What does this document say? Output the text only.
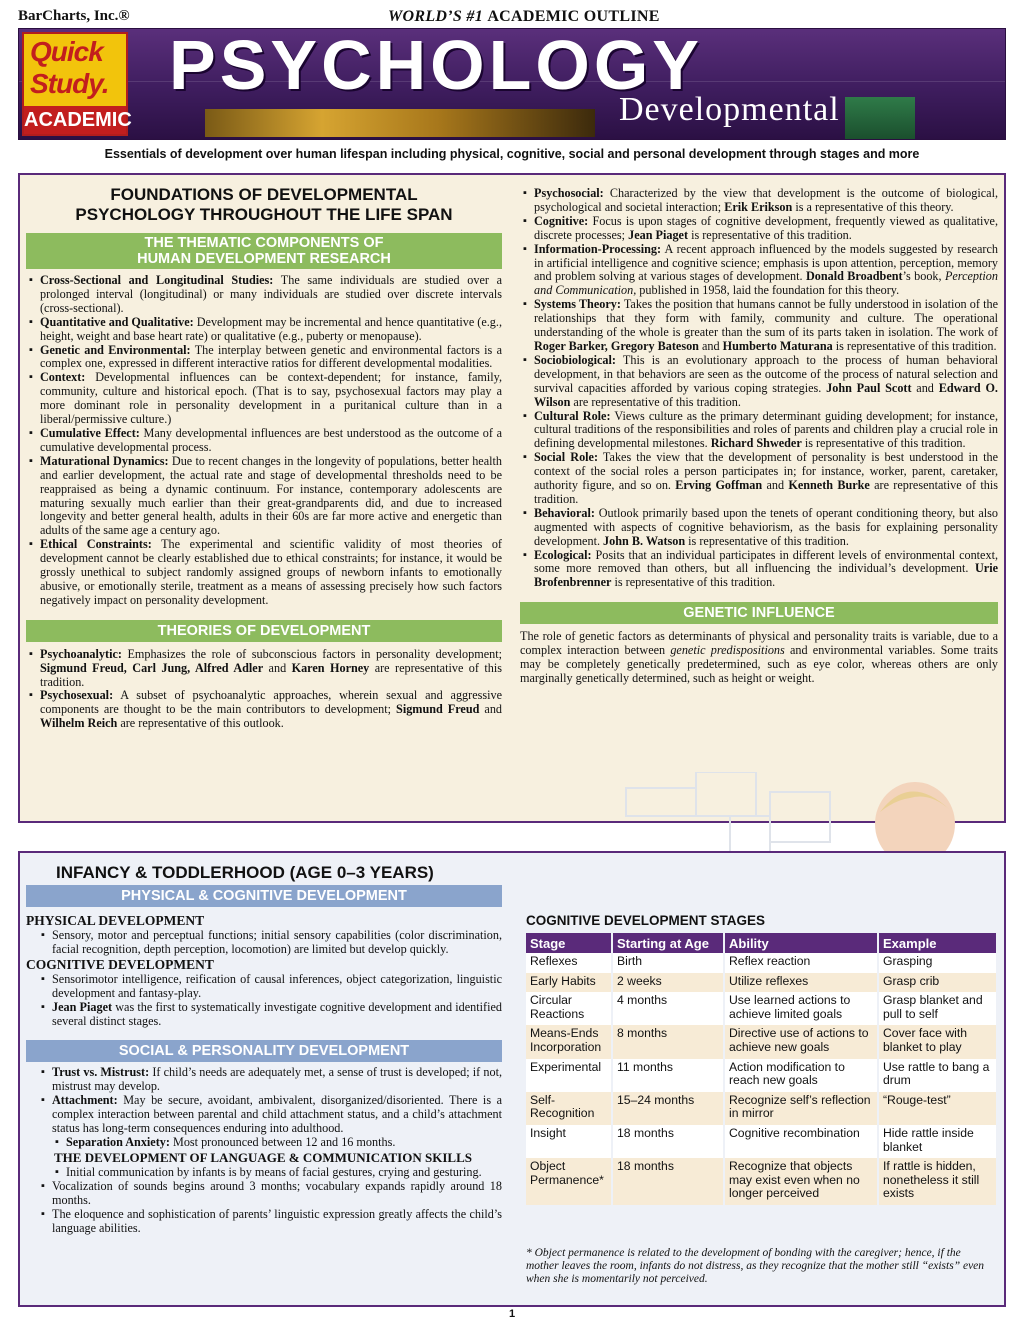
BarCharts, Inc.®	WORLD’S #1 ACADEMIC OUTLINE
Quick
Study.
ACADEMIC
PSYCHOLOGY
Developmental
Essentials of development over human lifespan including physical, cognitive, social and personal development through stages and more
FOUNDATIONS OF DEVELOPMENTAL
PSYCHOLOGY THROUGHOUT THE LIFE SPAN
THE THEMATIC COMPONENTS OF
HUMAN DEVELOPMENT RESEARCH
▪ Cross-Sectional and Longitudinal Studies: The same individuals are studied over a prolonged interval (longitudinal) or many individuals are studied over discrete intervals (cross-sectional).
▪ Quantitative and Qualitative: Development may be incremental and hence quantitative (e.g., height, weight and base heart rate) or qualitative (e.g., puberty or menopause).
▪ Genetic and Environmental: The interplay between genetic and environmental factors is a complex one, expressed in different interactive ratios for different developmental modalities.
▪ Context: Developmental influences can be context-dependent; for instance, family, community, culture and historical epoch. (That is to say, psychosexual factors may play a more dominant role in personality development in a puritanical culture than in a liberal/permissive culture.)
▪ Cumulative Effect: Many developmental influences are best understood as the outcome of a cumulative developmental process.
▪ Maturational Dynamics: Due to recent changes in the longevity of populations, better health and earlier development, the actual rate and stage of developmental thresholds need to be reappraised as being a dynamic continuum. For instance, contemporary adolescents are maturing sexually much earlier than their great-grandparents did, and due to increased longevity and better general health, adults in their 60s are far more active and energetic than adults of the same age a century ago.
▪ Ethical Constraints: The experimental and scientific validity of most theories of development cannot be clearly established due to ethical constraints; for instance, it would be grossly unethical to subject randomly assigned groups of newborn infants to emotionally abusive, or emotionally sterile, treatment as a means of assessing precisely how such factors negatively impact on personality development.
THEORIES OF DEVELOPMENT
▪ Psychoanalytic: Emphasizes the role of subconscious factors in personality development; Sigmund Freud, Carl Jung, Alfred Adler and Karen Horney are representative of this tradition.
▪ Psychosexual: A subset of psychoanalytic approaches, wherein sexual and aggressive components are thought to be the main contributors to development; Sigmund Freud and Wilhelm Reich are representative of this outlook.
▪ Psychosocial: Characterized by the view that development is the outcome of biological, psychological and societal interaction; Erik Erikson is a representative of this theory.
▪ Cognitive: Focus is upon stages of cognitive development, frequently viewed as qualitative, discrete processes; Jean Piaget is representative of this tradition.
▪ Information-Processing: A recent approach influenced by the models suggested by research in artificial intelligence and cognitive science; emphasis is upon attention, perception, memory and problem solving at various stages of development. Donald Broadbent’s book, Perception and Communication, published in 1958, laid the foundation for this theory.
▪ Systems Theory: Takes the position that humans cannot be fully understood in isolation of the relationships that they form with family, community and culture. The operational understanding of the whole is greater than the sum of its parts taken in isolation. The work of Roger Barker, Gregory Bateson and Humberto Maturana is representative of this tradition.
▪ Sociobiological: This is an evolutionary approach to the process of human behavioral development, in that behaviors are seen as the outcome of the process of natural selection and survival capacities afforded by various coping strategies. John Paul Scott and Edward O. Wilson are representative of this tradition.
▪ Cultural Role: Views culture as the primary determinant guiding development; for instance, cultural traditions of the responsibilities and roles of parents and children play a crucial role in defining developmental milestones. Richard Shweder is representative of this tradition.
▪ Social Role: Takes the view that the development of personality is best understood in the context of the social roles a person participates in; for instance, worker, parent, caretaker, authority figure, and so on. Erving Goffman and Kenneth Burke are representative of this tradition.
▪ Behavioral: Outlook primarily based upon the tenets of operant conditioning theory, but also augmented with aspects of cognitive behaviorism, as the basis for explaining personality development. John B. Watson is representative of this tradition.
▪ Ecological: Posits that an individual participates in different levels of environmental context, some more removed than others, but all influencing the individual’s development. Urie Brofenbrenner is representative of this tradition.
GENETIC INFLUENCE

The role of genetic factors as determinants of physical and personality traits is variable, due to a complex interaction between genetic predispositions and environmental variables. Some traits may be completely genetically predetermined, such as eye color, whereas others are only marginally genetically determined, such as height or weight.

INFANCY & TODDLERHOOD (AGE 0–3 YEARS)
PHYSICAL & COGNITIVE DEVELOPMENT
PHYSICAL DEVELOPMENT
▪ Sensory, motor and perceptual functions; initial sensory capabilities (color discrimination, facial recognition, depth perception, locomotion) are limited but develop quickly.
COGNITIVE DEVELOPMENT
▪ Sensorimotor intelligence, reification of causal inferences, object categorization, linguistic development and fantasy-play.
▪ Jean Piaget was the first to systematically investigate cognitive development and identified several distinct stages.
SOCIAL & PERSONALITY DEVELOPMENT
▪ Trust vs. Mistrust: If child’s needs are adequately met, a sense of trust is developed; if not, mistrust may develop.
▪ Attachment: May be secure, avoidant, ambivalent, disorganized/disoriented. There is a complex interaction between parental and child attachment status, and a child’s attachment status has long-term consequences enduring into adulthood.
▪ Separation Anxiety: Most pronounced between 12 and 16 months.
THE DEVELOPMENT OF LANGUAGE & COMMUNICATION SKILLS
▪ Initial communication by infants is by means of facial gestures, crying and gesturing.
▪ Vocalization of sounds begins around 3 months; vocabulary expands rapidly around 18 months.
▪ The eloquence and sophistication of parents’ linguistic expression greatly affects the child’s language abilities.
COGNITIVE DEVELOPMENT STAGES
Stage	Starting at Age	Ability	Example
Reflexes	Birth	Reflex reaction	Grasping
Early Habits	2 weeks	Utilize reflexes	Grasp crib
Circular Reactions	4 months	Use learned actions to achieve limited goals	Grasp blanket and pull to self
Means-Ends Incorporation	8 months	Directive use of actions to achieve new goals	Cover face with blanket to play
Experimental	11 months	Action modification to reach new goals	Use rattle to bang a drum
Self-Recognition	15–24 months	Recognize self’s reflection in mirror	“Rouge-test”
Insight	18 months	Cognitive recombination	Hide rattle inside blanket
Object Permanence*	18 months	Recognize that objects may exist even when no longer perceived	If rattle is hidden, nonetheless it still exists
* Object permanence is related to the development of bonding with the caregiver; hence, if the mother leaves the room, infants do not distress, as they recognize that the mother still “exists” even when she is momentarily not perceived.
1
